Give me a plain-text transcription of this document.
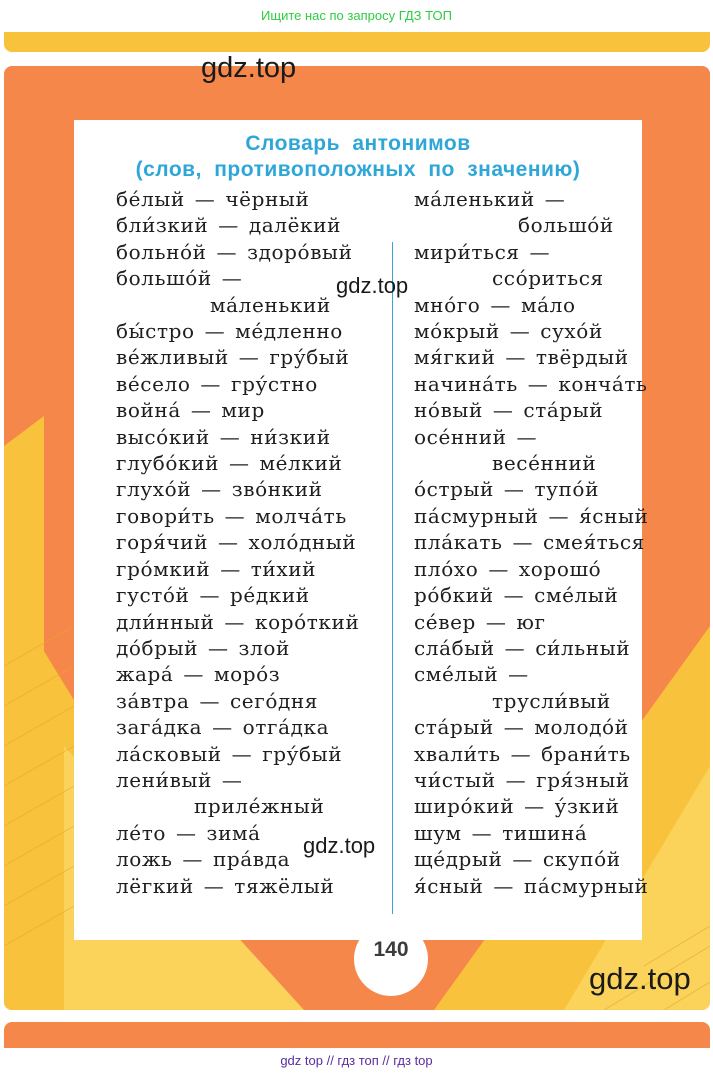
Ищите нас по запросу ГДЗ ТОП
Словарь антонимов
(слов, противоположных по значению)
бе́лый — чёрный
бли́зкий — далёкий
больно́й — здоро́вый
большо́й —
ма́ленький
бы́стро — ме́дленно
ве́жливый — гру́бый
ве́село — гру́стно
война́ — мир
высо́кий — ни́зкий
глубо́кий — ме́лкий
глухо́й — зво́нкий
говори́ть — молча́ть
горя́чий — холо́дный
гро́мкий — ти́хий
густо́й — ре́дкий
дли́нный — коро́ткий
до́брый — злой
жара́ — моро́з
за́втра — сего́дня
зага́дка — отга́дка
ла́сковый — гру́бый
лени́вый —
приле́жный
ле́то — зима́
ложь — пра́вда
лёгкий — тяжёлый
ма́ленький —
большо́й
мири́ться —
ссо́риться
мно́го — ма́ло
мо́крый — сухо́й
мя́гкий — твёрдый
начина́ть — конча́ть
но́вый — ста́рый
осе́нний —
весе́нний
о́стрый — тупо́й
па́смурный — я́сный
пла́кать — смея́ться
пло́хо — хорошо́
ро́бкий — сме́лый
се́вер — юг
сла́бый — си́льный
сме́лый —
трусли́вый
ста́рый — молодо́й
хвали́ть — брани́ть
чи́стый — гря́зный
широ́кий — у́зкий
шум — тишина́
ще́дрый — скупо́й
я́сный — па́смурный
140
gdz.top
gdz.top
gdz.top
gdz.top
gdz top // гдз топ // гдз top
